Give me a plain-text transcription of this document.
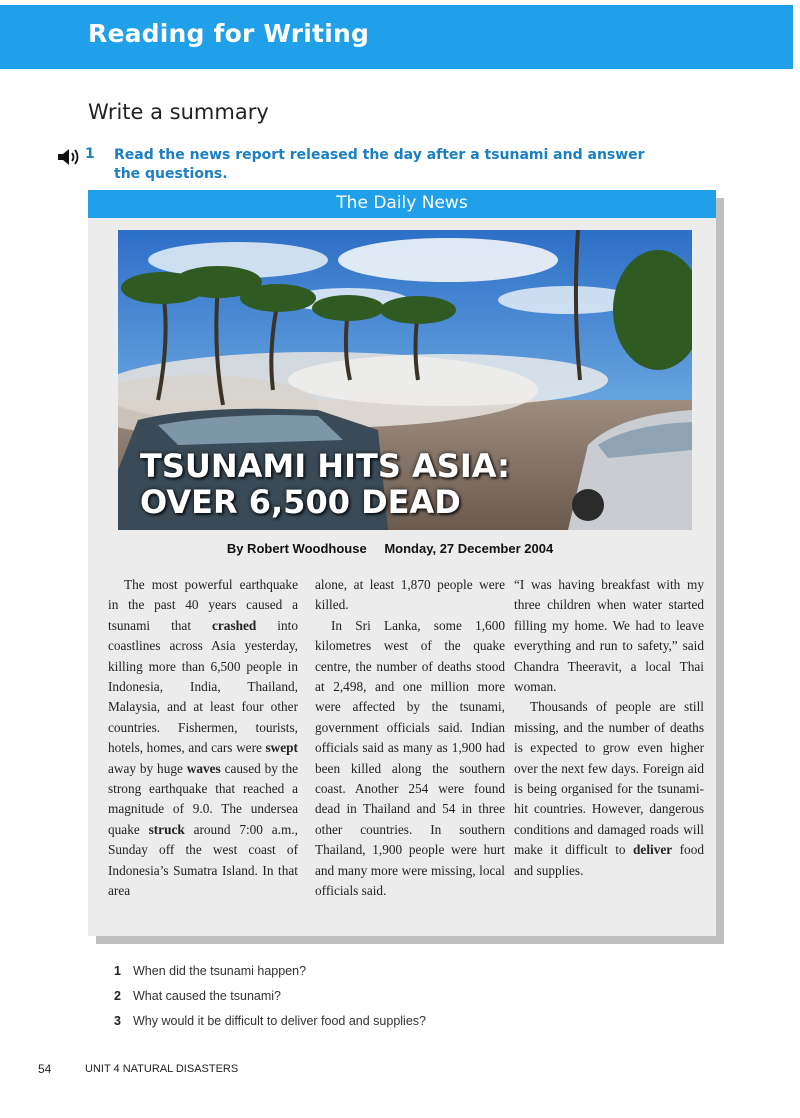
Reading for Writing
Write a summary
1 Read the news report released the day after a tsunami and answer the questions.
The Daily News
TSUNAMI HITS ASIA:
OVER 6,500 DEAD
By Robert Woodhouse Monday, 27 December 2004

The most powerful earthquake in the past 40 years caused a tsunami that crashed into coastlines across Asia yesterday, killing more than 6,500 people in Indonesia, India, Thailand, Malaysia, and at least four other countries. Fishermen, tourists, hotels, homes, and cars were swept away by huge waves caused by the strong earthquake that reached a magnitude of 9.0. The undersea quake struck around 7:00 a.m., Sunday off the west coast of Indonesia’s Sumatra Island. In that area

alone, at least 1,870 people were killed.

In Sri Lanka, some 1,600 kilometres west of the quake centre, the number of deaths stood at 2,498, and one million more were affected by the tsunami, government officials said. Indian officials said as many as 1,900 had been killed along the southern coast. Another 254 were found dead in Thailand and 54 in three other countries. In southern Thailand, 1,900 people were hurt and many more were missing, local officials said.

“I was having breakfast with my three children when water started filling my home. We had to leave everything and run to safety,” said Chandra Theeravit, a local Thai woman.

Thousands of people are still missing, and the number of deaths is expected to grow even higher over the next few days. Foreign aid is being organised for the tsunami-hit countries. However, dangerous conditions and damaged roads will make it difficult to deliver food and supplies.

1 When did the tsunami happen?
2 What caused the tsunami?
3 Why would it be difficult to deliver food and supplies?
54	UNIT 4 NATURAL DISASTERS
